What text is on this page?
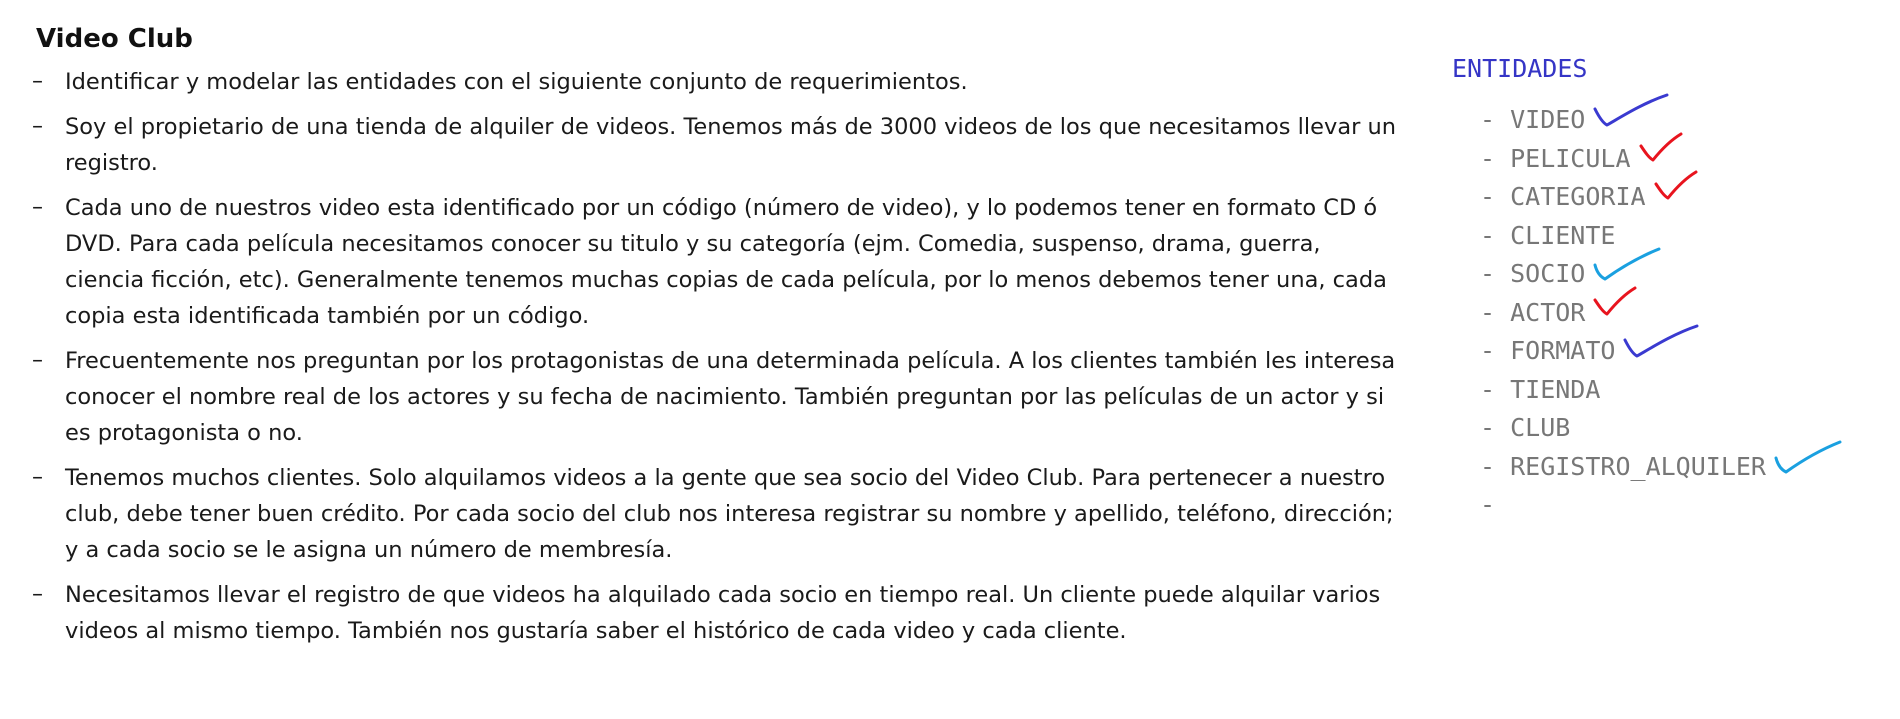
Video Club
– Identificar y modelar las entidades con el siguiente conjunto de requerimientos.
– Soy el propietario de una tienda de alquiler de videos. Tenemos más de 3000 videos de los que necesitamos llevar un registro.
– Cada uno de nuestros video esta identificado por un código (número de video), y lo podemos tener en formato CD ó DVD. Para cada película necesitamos conocer su titulo y su categoría (ejm. Comedia, suspenso, drama, guerra, ciencia ficción, etc). Generalmente tenemos muchas copias de cada película, por lo menos debemos tener una, cada copia esta identificada también por un código.
– Frecuentemente nos preguntan por los protagonistas de una determinada película. A los clientes también les interesa conocer el nombre real de los actores y su fecha de nacimiento. También preguntan por las películas de un actor y si es protagonista o no.
– Tenemos muchos clientes. Solo alquilamos videos a la gente que sea socio del Video Club. Para pertenecer a nuestro club, debe tener buen crédito. Por cada socio del club nos interesa registrar su nombre y apellido, teléfono, dirección; y a cada socio se le asigna un número de membresía.
– Necesitamos llevar el registro de que videos ha alquilado cada socio en tiempo real. Un cliente puede alquilar varios videos al mismo tiempo. También nos gustaría saber el histórico de cada video y cada cliente.
ENTIDADES
- VIDEO
- PELICULA
- CATEGORIA
- CLIENTE
- SOCIO
- ACTOR
- FORMATO
- TIENDA
- CLUB
- REGISTRO_ALQUILER
-
